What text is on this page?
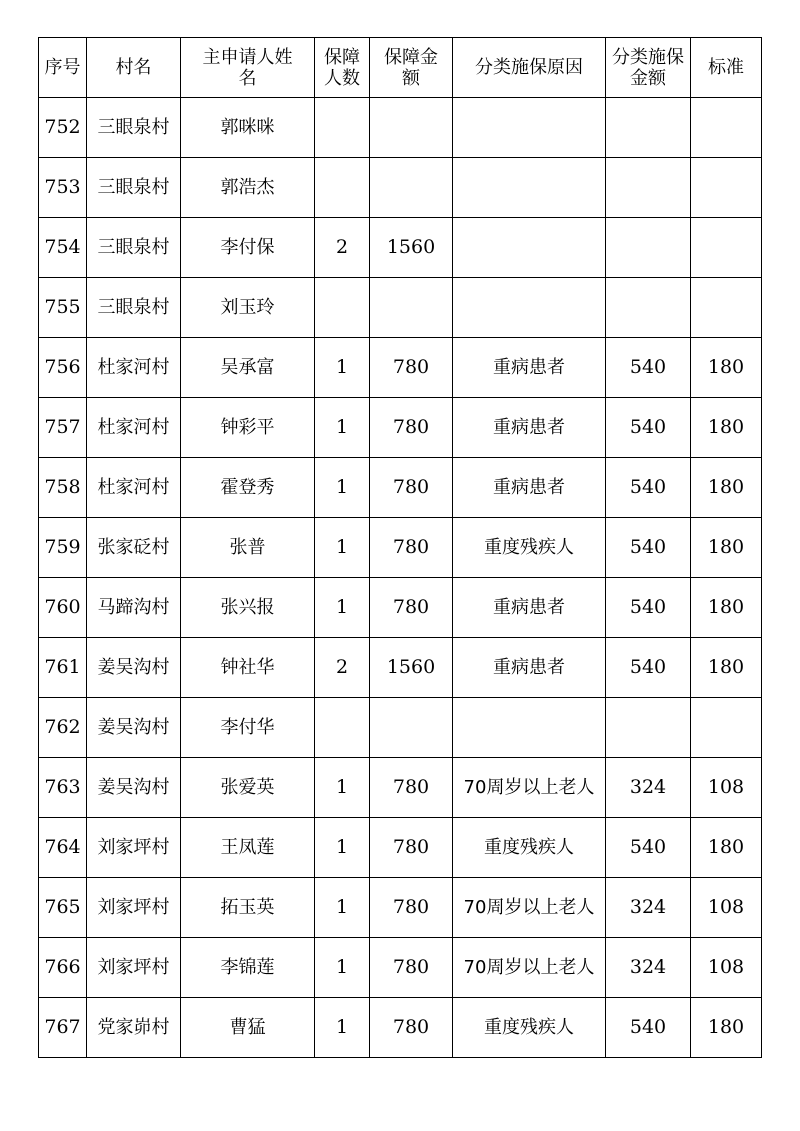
序号	村名	主申请人姓名	保障人数	保障金额	分类施保原因	分类施保金额	标准
752	三眼泉村	郭咪咪					
753	三眼泉村	郭浩杰					
754	三眼泉村	李付保	2	1560			
755	三眼泉村	刘玉玲					
756	杜家河村	吴承富	1	780	重病患者	540	180
757	杜家河村	钟彩平	1	780	重病患者	540	180
758	杜家河村	霍登秀	1	780	重病患者	540	180
759	张家砭村	张普	1	780	重度残疾人	540	180
760	马蹄沟村	张兴报	1	780	重病患者	540	180
761	姜吴沟村	钟社华	2	1560	重病患者	540	180
762	姜吴沟村	李付华					
763	姜吴沟村	张爱英	1	780	70周岁以上老人	324	108
764	刘家坪村	王凤莲	1	780	重度残疾人	540	180
765	刘家坪村	拓玉英	1	780	70周岁以上老人	324	108
766	刘家坪村	李锦莲	1	780	70周岁以上老人	324	108
767	党家峁村	曹猛	1	780	重度残疾人	540	180
